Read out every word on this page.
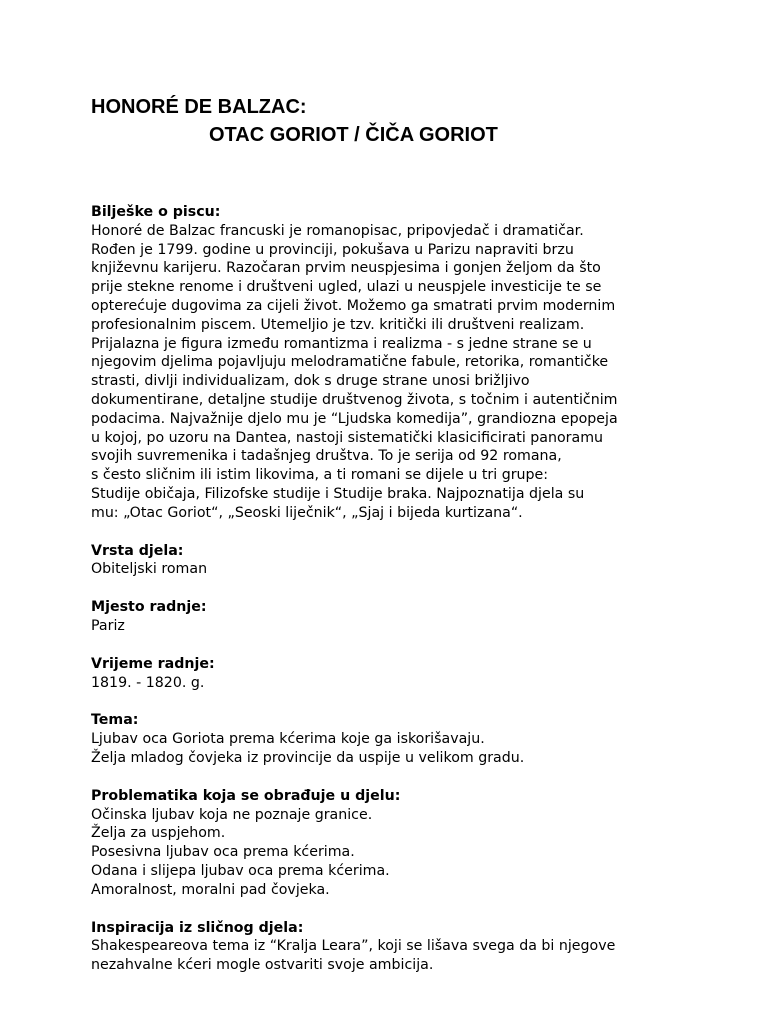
HONORÉ DE BALZAC:
OTAC GORIOT / ČIČA GORIOT
Bilješke o piscu:
Honoré de Balzac francuski je romanopisac, pripovjedač i dramatičar.
Rođen je 1799. godine u provinciji, pokušava u Parizu napraviti brzu
književnu karijeru. Razočaran prvim neuspjesima i gonjen željom da što
prije stekne renome i društveni ugled, ulazi u neuspjele investicije te se
opterećuje dugovima za cijeli život. Možemo ga smatrati prvim modernim
profesionalnim piscem. Utemeljio je tzv. kritički ili društveni realizam.
Prijalazna je figura između romantizma i realizma - s jedne strane se u
njegovim djelima pojavljuju melodramatične fabule, retorika, romantičke
strasti, divlji individualizam, dok s druge strane unosi brižljivo
dokumentirane, detaljne studije društvenog života, s točnim i autentičnim
podacima. Najvažnije djelo mu je “Ljudska komedija”, grandiozna epopeja
u kojoj, po uzoru na Dantea, nastoji sistematički klasicificirati panoramu
svojih suvremenika i tadašnjeg društva. To je serija od 92 romana,
s često sličnim ili istim likovima, a ti romani se dijele u tri grupe:
Studije običaja, Filizofske studije i Studije braka. Najpoznatija djela su
mu: „Otac Goriot“, „Seoski liječnik“, „Sjaj i bijeda kurtizana“.
Vrsta djela:
Obiteljski roman
Mjesto radnje:
Pariz
Vrijeme radnje:
1819. - 1820. g.
Tema:
Ljubav oca Goriota prema kćerima koje ga iskorišavaju.
Želja mladog čovjeka iz provincije da uspije u velikom gradu.
Problematika koja se obrađuje u djelu:
Očinska ljubav koja ne poznaje granice.
Želja za uspjehom.
Posesivna ljubav oca prema kćerima.
Odana i slijepa ljubav oca prema kćerima.
Amoralnost, moralni pad čovjeka.
Inspiracija iz sličnog djela:
Shakespeareova tema iz “Kralja Leara”, koji se lišava svega da bi njegove
nezahvalne kćeri mogle ostvariti svoje ambicija.
